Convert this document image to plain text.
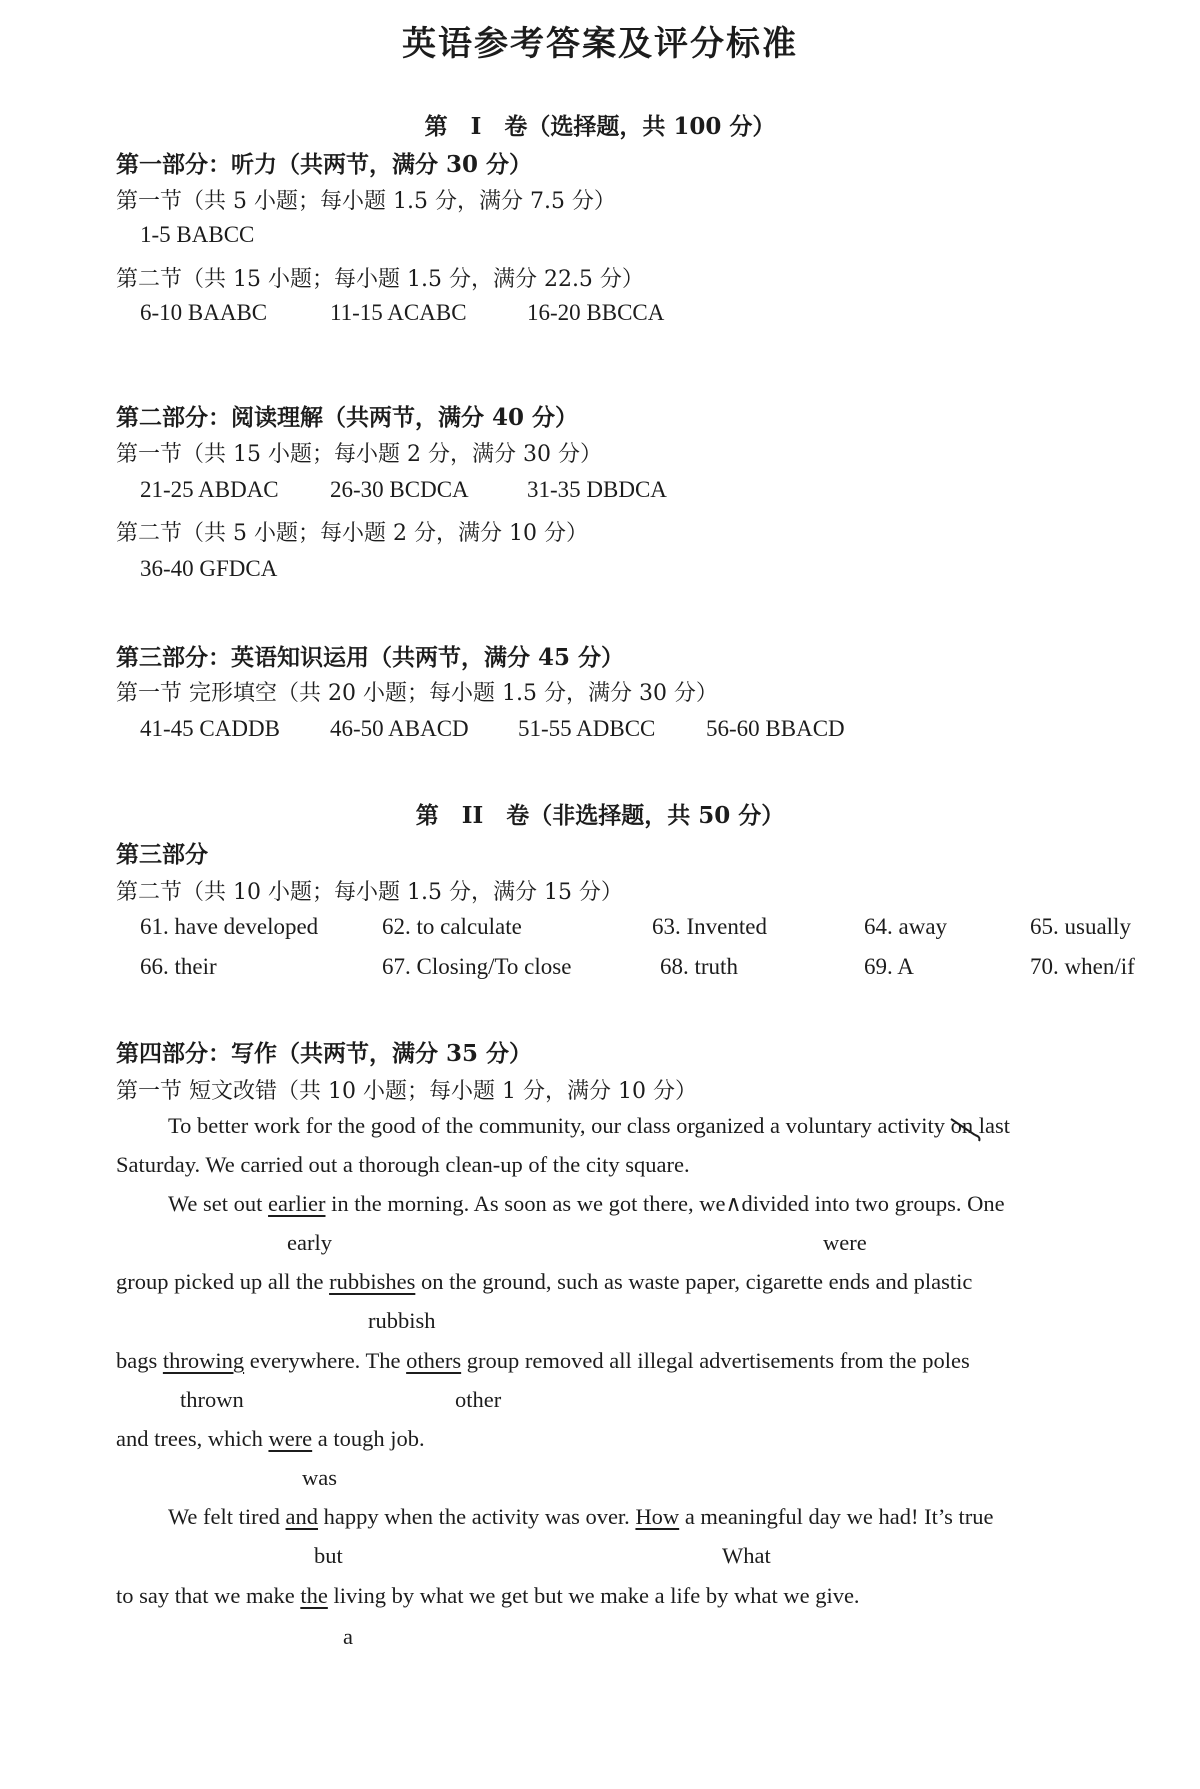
英语参考答案及评分标准
第　I　卷（选择题，共 100 分）
第一部分：听力（共两节，满分 30 分）
第一节（共 5 小题；每小题 1.5 分，满分 7.5 分）
1-5 BABCC
第二节（共 15 小题；每小题 1.5 分，满分 22.5 分）
6-10 BAABC	11-15 ACABC	16-20 BBCCA
第二部分：阅读理解（共两节，满分 40 分）
第一节（共 15 小题；每小题 2 分，满分 30 分）
21-25 ABDAC 26-30 BCDCA	31-35 DBDCA
第二节（共 5 小题；每小题 2 分，满分 10 分）
36-40 GFDCA
第三部分：英语知识运用（共两节，满分 45 分）
第一节 完形填空（共 20 小题；每小题 1.5 分，满分 30 分）
41-45 CADDB 46-50 ABACD 51-55 ADBCC 56-60 BBACD
第　II　卷（非选择题，共 50 分）
第三部分
第二节（共 10 小题；每小题 1.5 分，满分 15 分）
61. have developed	62. to calculate	63. Invented	64. away	65. usually
66. their	67. Closing/To close	68. truth	69. A	70. when/if
第四部分：写作（共两节，满分 35 分）
第一节 短文改错（共 10 小题；每小题 1 分，满分 10 分）
To better work for the good of the community, our class organized a voluntary activity on last
Saturday. We carried out a thorough clean-up of the city square.
We set out earlier in the morning. As soon as we got there, we∧divided into two groups. One
early	were
group picked up all the rubbishes on the ground, such as waste paper, cigarette ends and plastic
rubbish
bags throwing everywhere. The others group removed all illegal advertisements from the poles
thrown	other
and trees, which were a tough job.
was
We felt tired and happy when the activity was over. How a meaningful day we had! It’s true
but	What
to say that we make the living by what we get but we make a life by what we give.
a
